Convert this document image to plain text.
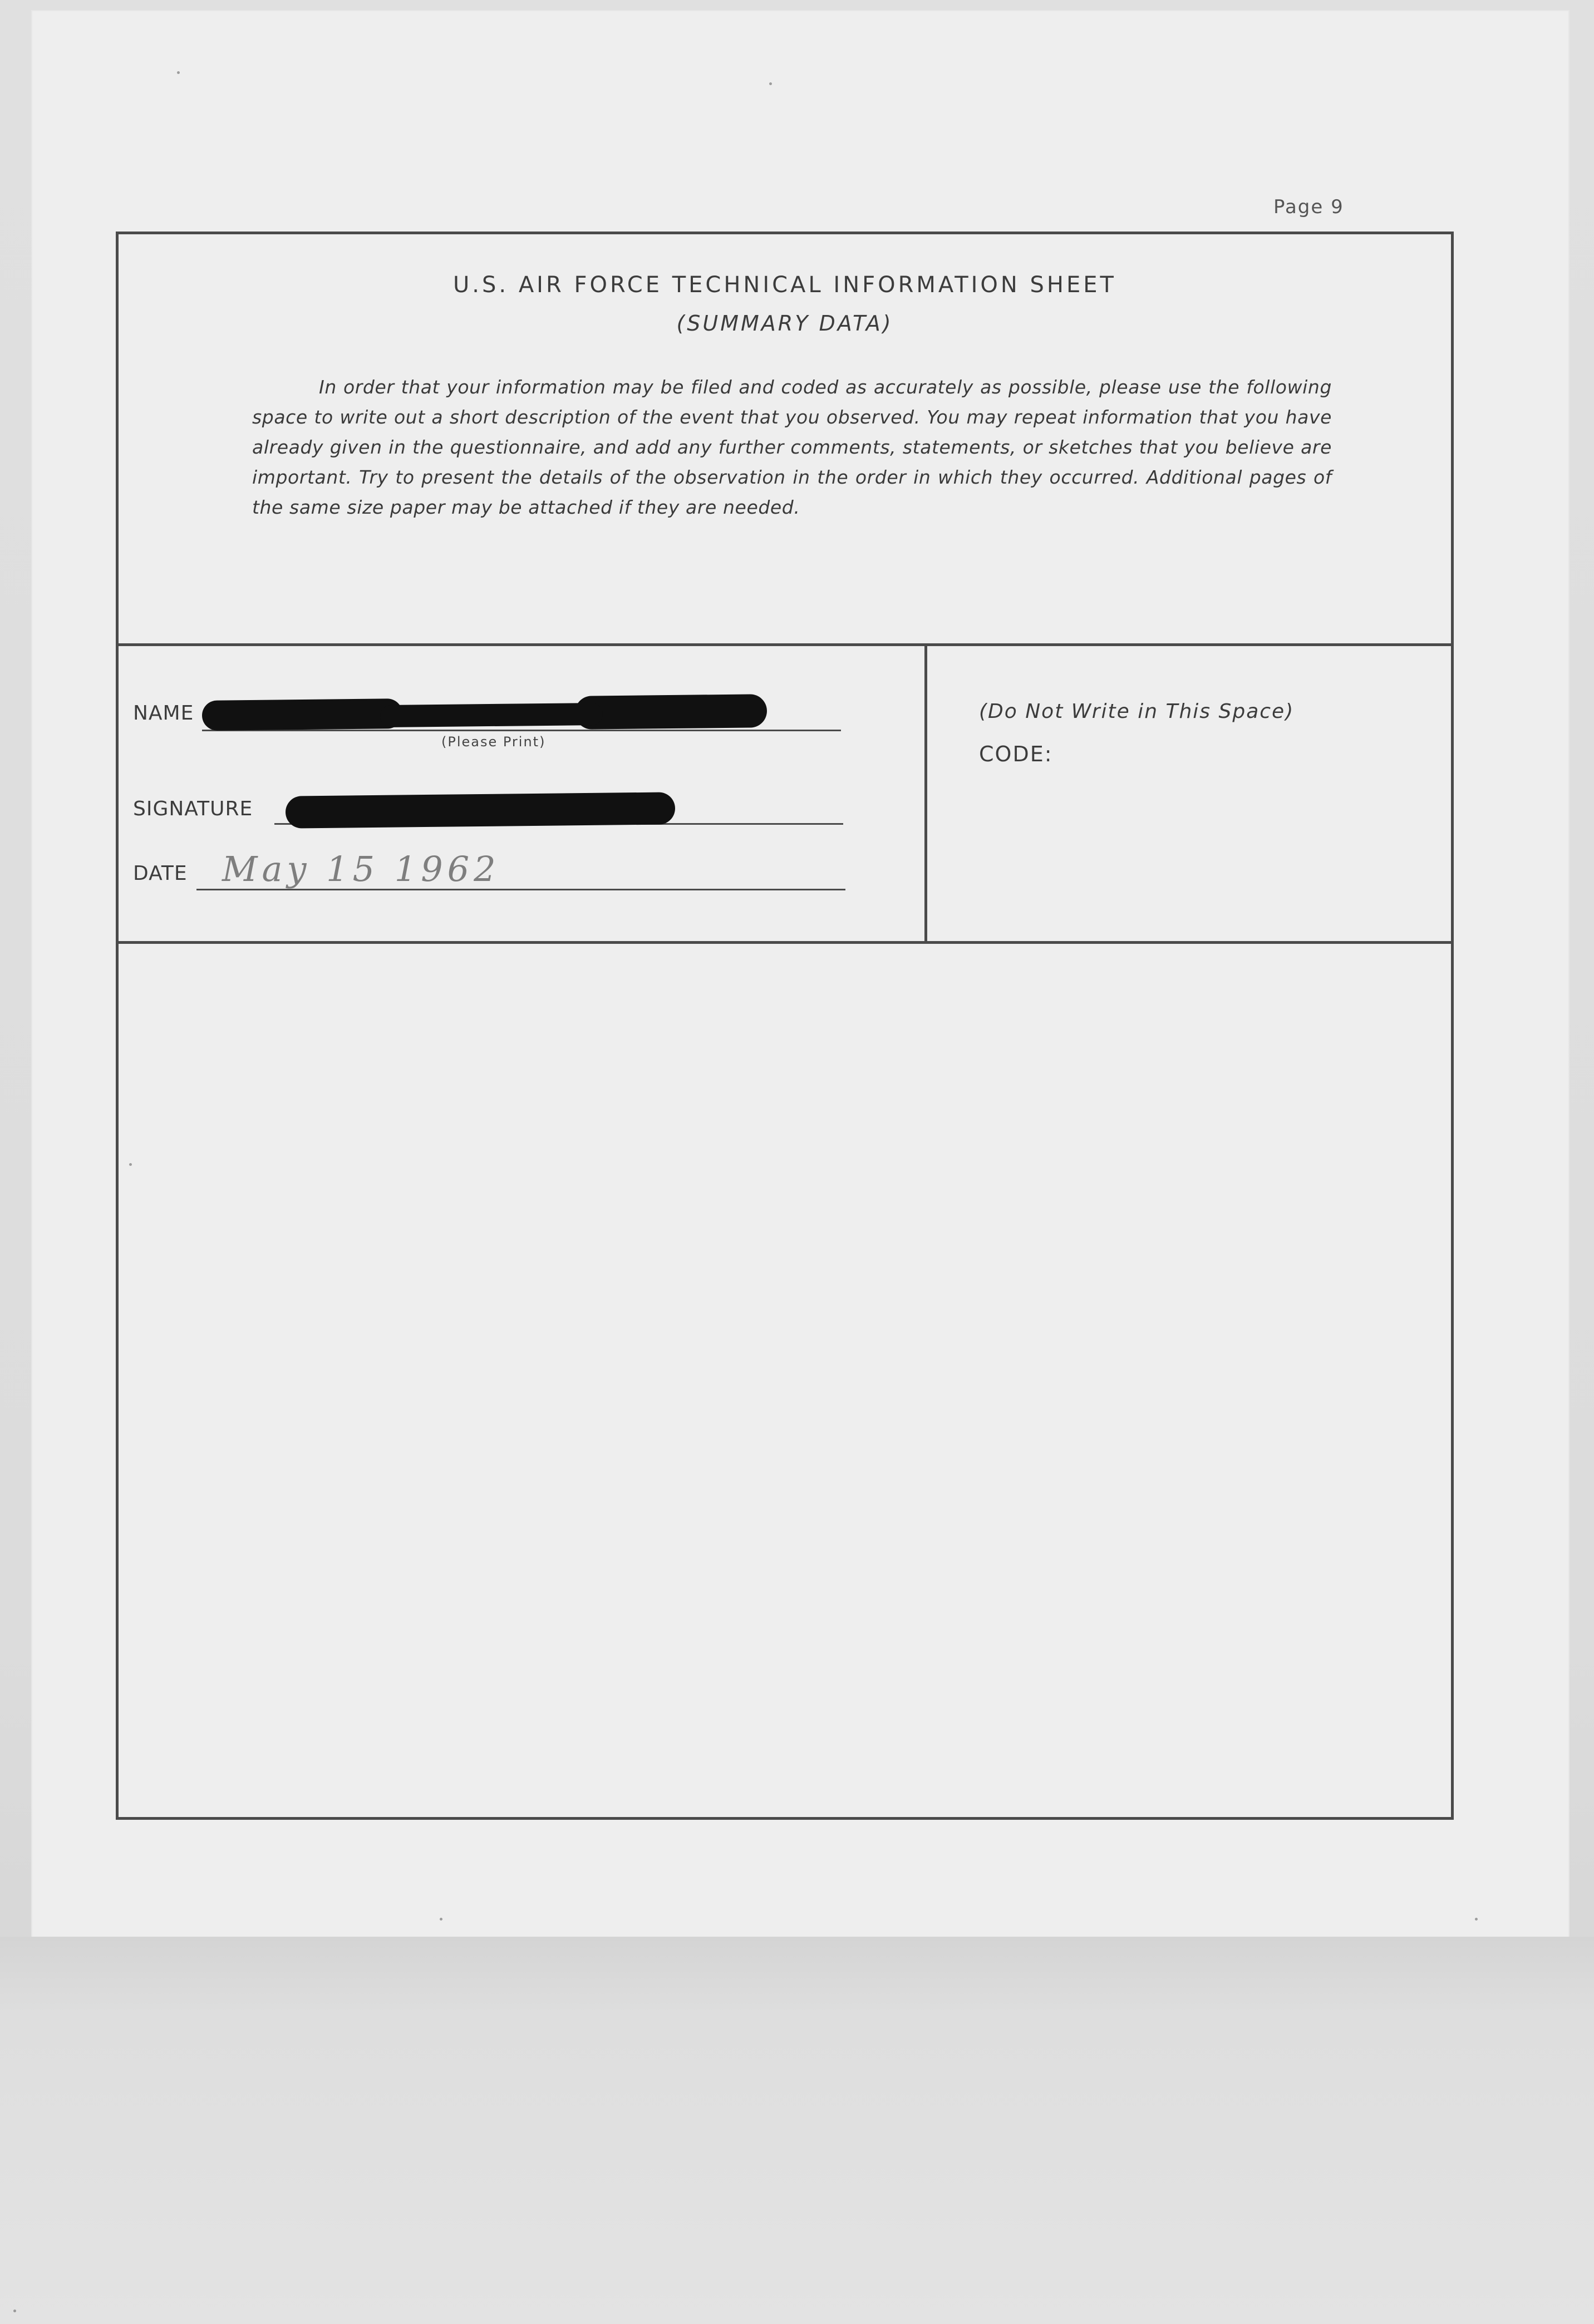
Page 9
U.S. AIR FORCE TECHNICAL INFORMATION SHEET
(SUMMARY DATA)
In order that your information may be filed and coded as accurately as possible, please use the following space to write out a short description of the event that you observed. You may repeat information that you have already given in the questionnaire, and add any further comments, statements, or sketches that you believe are important. Try to present the details of the observation in the order in which they occurred. Additional pages of the same size paper may be attached if they are needed.
NAME
(Please Print)
SIGNATURE
DATE May 15 1962
(Do Not Write in This Space)
CODE:
